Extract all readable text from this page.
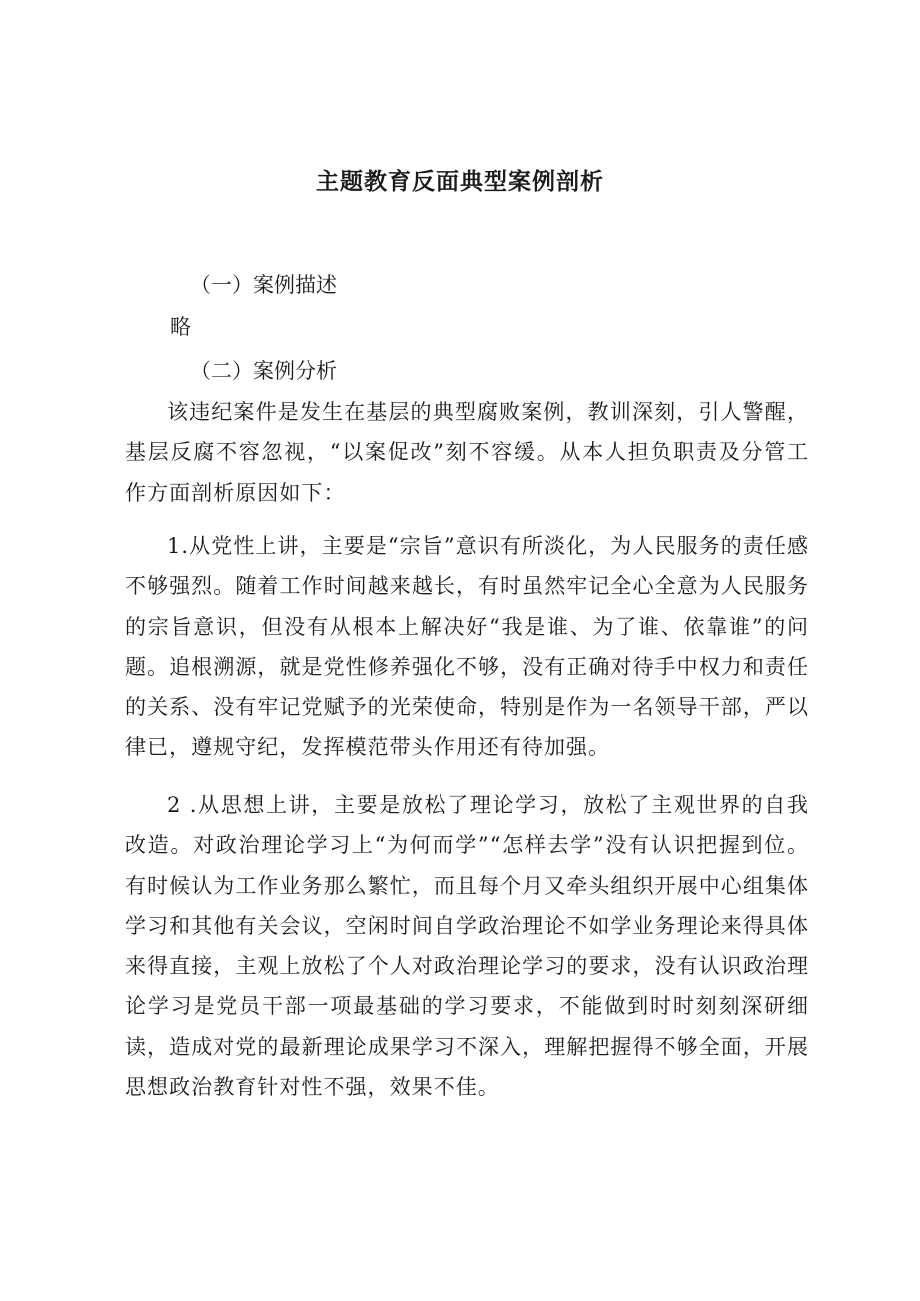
主题教育反面典型案例剖析
（一）案例描述
略
（二）案例分析

该违纪案件是发生在基层的典型腐败案例，教训深刻，引人警醒，基层反腐不容忽视，“以案促改”刻不容缓。从本人担负职责及分管工作方面剖析原因如下：

1.从党性上讲，主要是“宗旨”意识有所淡化，为人民服务的责任感不够强烈。随着工作时间越来越长，有时虽然牢记全心全意为人民服务的宗旨意识，但没有从根本上解决好“我是谁、为了谁、依靠谁”的问题。追根溯源，就是党性修养强化不够，没有正确对待手中权力和责任的关系、没有牢记党赋予的光荣使命，特别是作为一名领导干部，严以律已，遵规守纪，发挥模范带头作用还有待加强。

2 .从思想上讲，主要是放松了理论学习，放松了主观世界的自我改造。对政治理论学习上“为何而学”“怎样去学”没有认识把握到位。有时候认为工作业务那么繁忙，而且每个月又牵头组织开展中心组集体学习和其他有关会议，空闲时间自学政治理论不如学业务理论来得具体来得直接，主观上放松了个人对政治理论学习的要求，没有认识政治理论学习是党员干部一项最基础的学习要求，不能做到时时刻刻深研细读，造成对党的最新理论成果学习不深入，理解把握得不够全面，开展思想政治教育针对性不强，效果不佳。
